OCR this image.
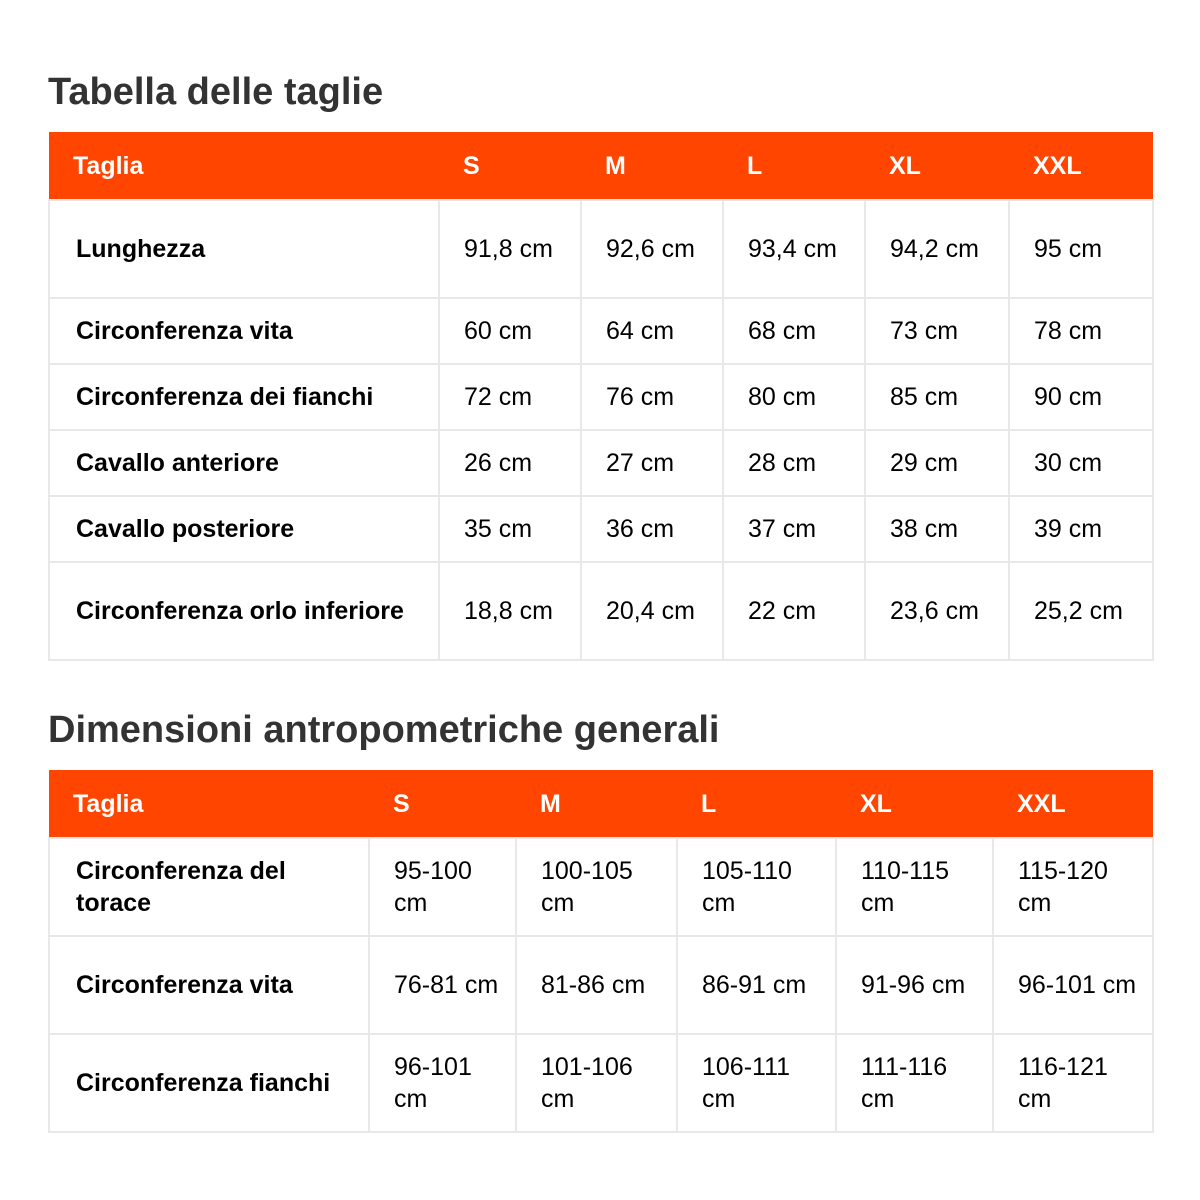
Tabella delle taglie
Taglia	S	M	L	XL	XXL
Lunghezza	91,8 cm	92,6 cm	93,4 cm	94,2 cm	95 cm
Circonferenza vita	60 cm	64 cm	68 cm	73 cm	78 cm
Circonferenza dei fianchi	72 cm	76 cm	80 cm	85 cm	90 cm
Cavallo anteriore	26 cm	27 cm	28 cm	29 cm	30 cm
Cavallo posteriore	35 cm	36 cm	37 cm	38 cm	39 cm
Circonferenza orlo inferiore	18,8 cm	20,4 cm	22 cm	23,6 cm	25,2 cm
Dimensioni antropometriche generali
Taglia	S	M	L	XL	XXL
Circonferenza del torace	95-100 cm	100-105 cm	105-110 cm	110-115 cm	115-120 cm
Circonferenza vita	76-81 cm	81-86 cm	86-91 cm	91-96 cm	96-101 cm
Circonferenza fianchi	96-101 cm	101-106 cm	106-111 cm	111-116 cm	116-121 cm
